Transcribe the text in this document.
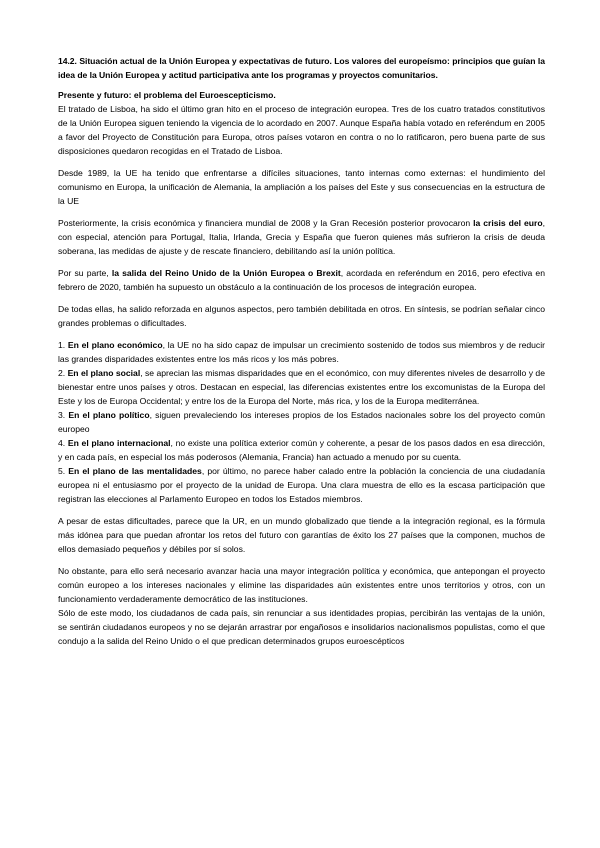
14.2. Situación actual de la Unión Europea y expectativas de futuro. Los valores del europeísmo: principios que guían la idea de la Unión Europea y actitud participativa ante los programas y proyectos comunitarios.

Presente y futuro: el problema del Euroescepticismo.

El tratado de Lisboa, ha sido el último gran hito en el proceso de integración europea. Tres de los cuatro tratados constitutivos de la Unión Europea siguen teniendo la vigencia de lo acordado en 2007. Aunque España había votado en referéndum en 2005 a favor del Proyecto de Constitución para Europa, otros países votaron en contra o no lo ratificaron, pero buena parte de sus disposiciones quedaron recogidas en el Tratado de Lisboa.

Desde 1989, la UE ha tenido que enfrentarse a difíciles situaciones, tanto internas como externas: el hundimiento del comunismo en Europa, la unificación de Alemania, la ampliación a los países del Este y sus consecuencias en la estructura de la UE

Posteriormente, la crisis económica y financiera mundial de 2008 y la Gran Recesión posterior provocaron la crisis del euro, con especial, atención para Portugal, Italia, Irlanda, Grecia y España que fueron quienes más sufrieron la crisis de deuda soberana, las medidas de ajuste y de rescate financiero, debilitando así la unión política.

Por su parte, la salida del Reino Unido de la Unión Europea o Brexit, acordada en referéndum en 2016, pero efectiva en febrero de 2020, también ha supuesto un obstáculo a la continuación de los procesos de integración europea.

De todas ellas, ha salido reforzada en algunos aspectos, pero también debilitada en otros. En síntesis, se podrían señalar cinco grandes problemas o dificultades.

1. En el plano económico, la UE no ha sido capaz de impulsar un crecimiento sostenido de todos sus miembros y de reducir las grandes disparidades existentes entre los más ricos y los más pobres.

2. En el plano social, se aprecian las mismas disparidades que en el económico, con muy diferentes niveles de desarrollo y de bienestar entre unos países y otros. Destacan en especial, las diferencias existentes entre los excomunistas de la Europa del Este y los de Europa Occidental; y entre los de la Europa del Norte, más rica, y los de la Europa mediterránea.

3. En el plano político, siguen prevaleciendo los intereses propios de los Estados nacionales sobre los del proyecto común europeo

4. En el plano internacional, no existe una política exterior común y coherente, a pesar de los pasos dados en esa dirección, y en cada país, en especial los más poderosos (Alemania, Francia) han actuado a menudo por su cuenta.

5. En el plano de las mentalidades, por último, no parece haber calado entre la población la conciencia de una ciudadanía europea ni el entusiasmo por el proyecto de la unidad de Europa. Una clara muestra de ello es la escasa participación que registran las elecciones al Parlamento Europeo en todos los Estados miembros.

A pesar de estas dificultades, parece que la UR, en un mundo globalizado que tiende a la integración regional, es la fórmula más idónea para que puedan afrontar los retos del futuro con garantías de éxito los 27 países que la componen, muchos de ellos demasiado pequeños y débiles por sí solos.

No obstante, para ello será necesario avanzar hacia una mayor integración política y económica, que antepongan el proyecto común europeo a los intereses nacionales y elimine las disparidades aún existentes entre unos territorios y otros, con un funcionamiento verdaderamente democrático de las instituciones.

Sólo de este modo, los ciudadanos de cada país, sin renunciar a sus identidades propias, percibirán las ventajas de la unión, se sentirán ciudadanos europeos y no se dejarán arrastrar por engañosos e insolidarios nacionalismos populistas, como el que condujo a la salida del Reino Unido o el que predican determinados grupos euroescépticos
